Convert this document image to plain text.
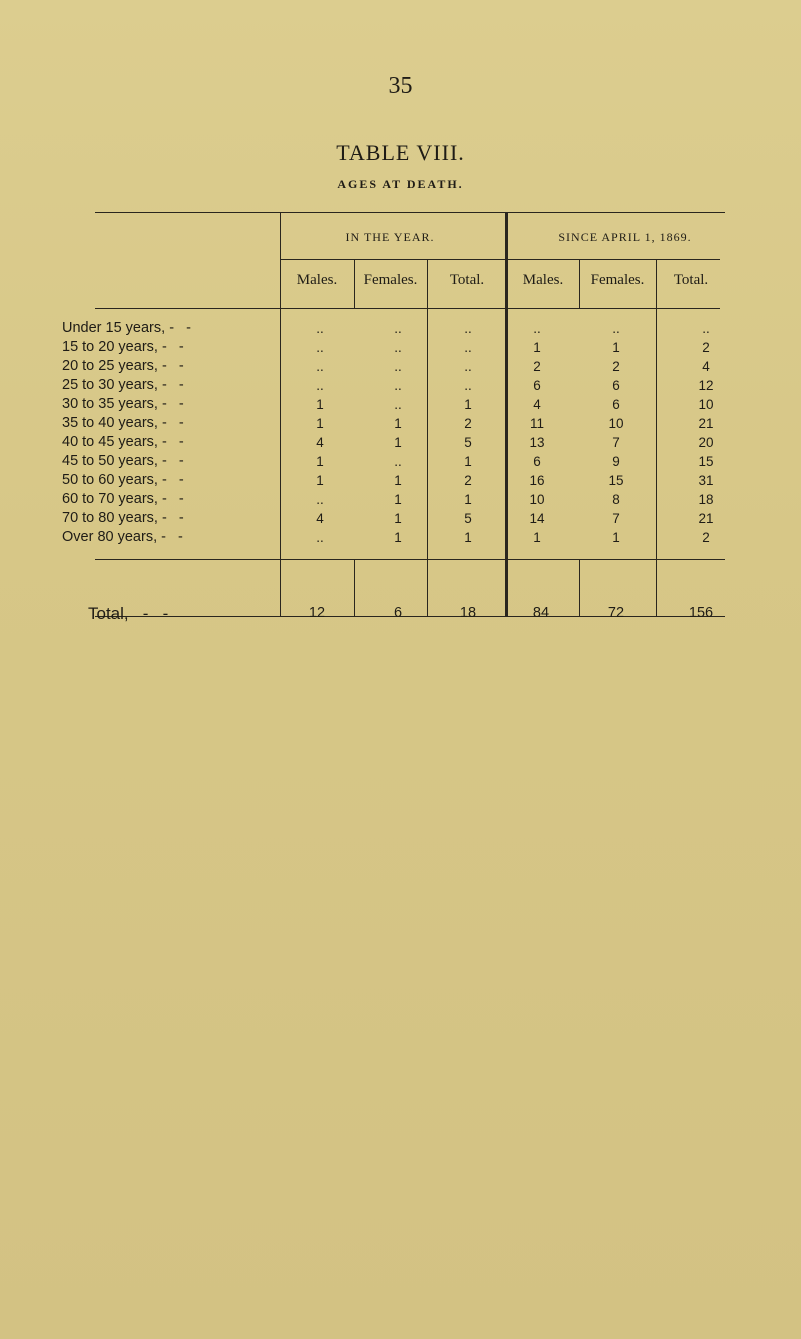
35
TABLE VIII.
AGES AT DEATH.
IN THE YEAR.	SINCE APRIL 1, 1869.
Males.	Females.	Total.	Males.	Females.	Total.
Under 15 years, -   -	..	..	..	..	..	..
15 to 20 years, -   -	..	..	..	1	1	2
20 to 25 years, -   -	..	..	..	2	2	4
25 to 30 years, -   -	..	..	..	6	6	12
30 to 35 years, -   -	1	..	1	4	6	10
35 to 40 years, -   -	1	1	2	11	10	21
40 to 45 years, -   -	4	1	5	13	7	20
45 to 50 years, -   -	1	..	1	6	9	15
50 to 60 years, -   -	1	1	2	16	15	31
60 to 70 years, -   -	..	1	1	10	8	18
70 to 80 years, -   -	4	1	5	14	7	21
Over 80 years, -   -	..	1	1	1	1	2
Total,   -   -	12	6	18	84	72	156
